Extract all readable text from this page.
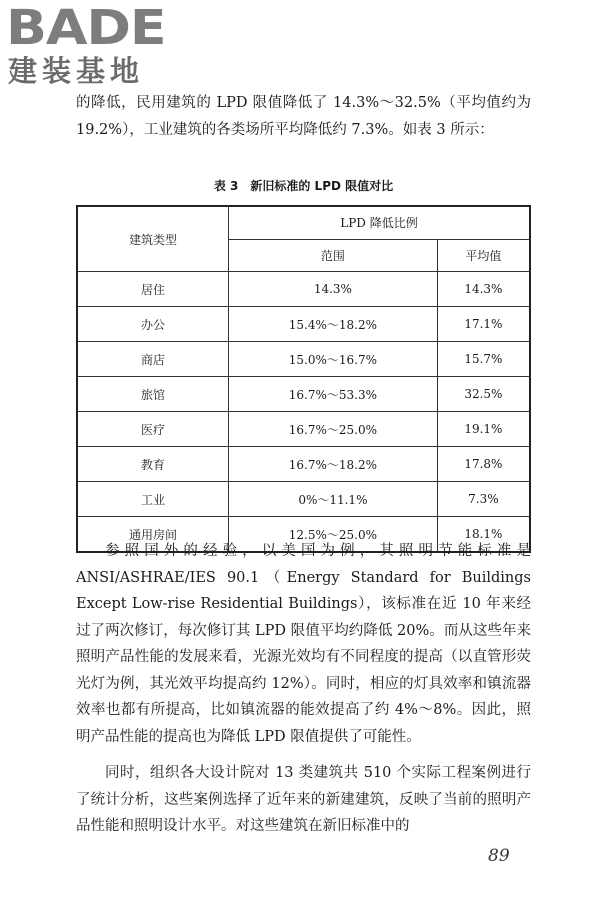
BADE
建装基地

的降低，民用建筑的 LPD 限值降低了 14.3%～32.5%（平均值约为 19.2%），工业建筑的各类场所平均降低约 7.3%。如表 3 所示：

表 3　新旧标准的 LPD 限值对比
建筑类型	LPD 降低比例	
	范围	平均值
居住	14.3%	14.3%
办公	15.4%～18.2%	17.1%
商店	15.0%～16.7%	15.7%
旅馆	16.7%～53.3%	32.5%
医疗	16.7%～25.0%	19.1%
教育	16.7%～18.2%	17.8%
工业	0%～11.1%	7.3%
通用房间	12.5%～25.0%	18.1%

参照国外的经验，以美国为例，其照明节能标准是 ANSI/ASHRAE/IES 90.1（Energy Standard for Buildings Except Low-rise Residential Buildings），该标准在近 10 年来经过了两次修订，每次修订其 LPD 限值平均约降低 20%。而从这些年来照明产品性能的发展来看，光源光效均有不同程度的提高（以直管形荧光灯为例，其光效平均提高约 12%）。同时，相应的灯具效率和镇流器效率也都有所提高，比如镇流器的能效提高了约 4%～8%。因此，照明产品性能的提高也为降低 LPD 限值提供了可能性。

同时，组织各大设计院对 13 类建筑共 510 个实际工程案例进行了统计分析，这些案例选择了近年来的新建建筑，反映了当前的照明产品性能和照明设计水平。对这些建筑在新旧标准中的

89
